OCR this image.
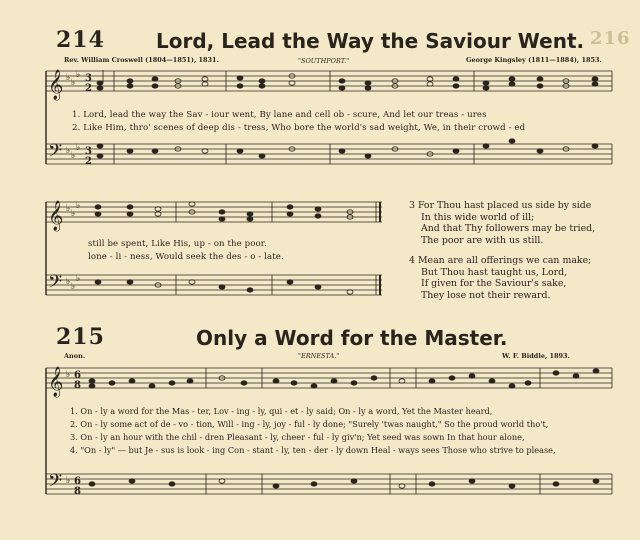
216
214	Lord, Lead the Way the Saviour Went.
Rev. William Croswell (1804—1851), 1831.	"SOUTHPORT."	George Kingsley (1811—1884), 1853.
𝄞
𝄢
♭ ♭
♭
♭ ♭
♭
3
2
3
2
1. Lord, lead the way the Sav - iour went, By lane and cell ob - scure, And let our treas - ures
2. Like Him, thro' scenes of deep dis - tress, Who bore the world's sad weight, We, in their crowd - ed
𝄞
𝄢
♭ ♭
♭
♭ ♭
♭
still be spent, Like His, up - on the poor.
lone - li - ness, Would seek the des - o - late.
3 For Thou hast placed us side by side
In this wide world of ill;
And that Thy followers may be tried,
The poor are with us still.
4 Mean are all offerings we can make;
But Thou hast taught us, Lord,
If given for the Saviour's sake,
They lose not their reward.
215	Only a Word for the Master.
Anon.	"ERNESTA."	W. F. Biddle, 1893.
𝄞
𝄢
♭
♭
6
8
6
8
1. On - ly a word for the Mas - ter, Lov - ing - ly, qui - et - ly said; On - ly a word, Yet the Master heard,
2. On - ly some act of de - vo - tion, Will - ing - ly, joy - ful - ly done; "Surely 'twas naught," So the proud world tho't,
3. On - ly an hour with the chil - dren Pleasant - ly, cheer - ful - ly giv'n; Yet seed was sown In that hour alone,
4. "On - ly" — but Je - sus is look - ing Con - stant - ly, ten - der - ly down Heal - ways sees Those who strive to please,
